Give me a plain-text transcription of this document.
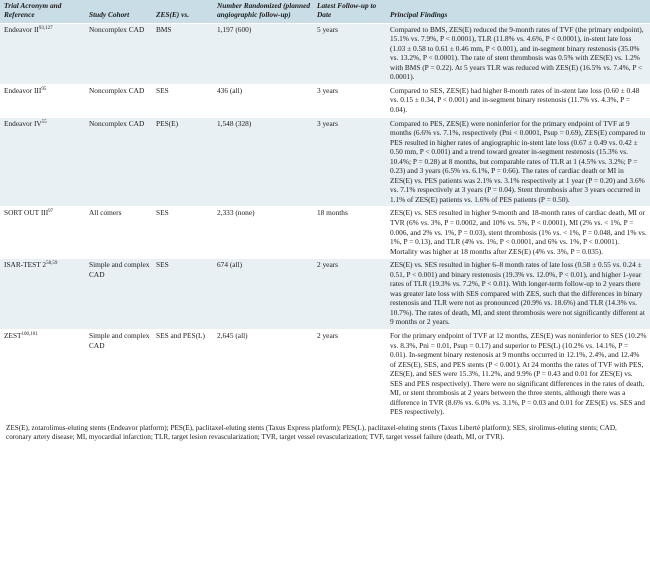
Trial Acronym and Reference	Study Cohort	ZES(E) vs.	Number Randomized (planned angiographic follow-up)	Latest Follow-up to Date	Principal Findings
Endeavor II$^{93,127}$	Noncomplex CAD	BMS	1,197 (600)	5 years	Compared to BMS, ZES(E) reduced the 9-month rates of TVF (the primary endpoint), 15.1% vs. 7.9%, P < 0.0001), TLR (11.8% vs. 4.6%, P < 0.0001), in-stent late loss (1.03 ± 0.58 to 0.61 ± 0.46 mm, P < 0.001), and in-segment binary restenosis (35.0% vs. 13.2%, P < 0.0001). The rate of stent thrombosis was 0.5% with ZES(E) vs. 1.2% with BMS (P = 0.22). At 5 years TLR was reduced with ZES(E) (16.5% vs. 7.4%, P < 0.0001).
Endeavor III$^{95}$	Noncomplex CAD	SES	436 (all)	3 years	Compared to SES, ZES(E) had higher 8-month rates of in-stent late loss (0.60 ± 0.48 vs. 0.15 ± 0.34, P < 0.001) and in-segment binary restenosis (11.7% vs. 4.3%, P = 0.04).
Endeavor IV$^{55}$	Noncomplex CAD	PES(E)	1,548 (328)	3 years	Compared to PES, ZES(E) were noninferior for the primary endpoint of TVF at 9 months (6.6% vs. 7.1%, respectively (Pni < 0.0001, Psup = 0.69), ZES(E) compared to PES resulted in higher rates of angiographic in-stent late loss (0.67 ± 0.49 vs. 0.42 ± 0.50 mm, P < 0.001) and a trend toward greater in-segment restenosis (15.3% vs. 10.4%; P = 0.28) at 8 months, but comparable rates of TLR at 1 (4.5% vs. 3.2%; P = 0.23) and 3 years (6.5% vs. 6.1%, P = 0.66). The rates of cardiac death or MI in ZES(E) vs. PES patients was 2.1% vs. 3.1% respectively at 1 year (P = 0.20) and 3.6% vs. 7.1% respectively at 3 years (P = 0.04). Stent thrombosis after 3 years occurred in 1.1% of ZES(E) patients vs. 1.6% of PES patients (P = 0.50).
SORT OUT III$^{97}$	All comers	SES	2,333 (none)	18 months	ZES(E) vs. SES resulted in higher 9-month and 18-month rates of cardiac death, MI or TVR (6% vs. 3%, P = 0.0002, and 10% vs. 5%, P < 0.0001), MI (2% vs. < 1%, P = 0.006, and 2% vs. 1%, P = 0.03), stent thrombosis (1% vs. < 1%, P = 0.048, and 1% vs. 1%, P = 0.13), and TLR (4% vs. 1%, P < 0.0001, and 6% vs. 1%, P < 0.0001). Mortality was higher at 18 months after ZES(E) (4% vs. 3%, P = 0.035).
ISAR-TEST 2$^{58,59}$	Simple and complex CAD	SES	674 (all)	2 years	ZES(E) vs. SES resulted in higher 6–8 month rates of late loss (0.58 ± 0.55 vs. 0.24 ± 0.51, P < 0.001) and binary restenosis (19.3% vs. 12.0%, P < 0.01), and higher 1-year rates of TLR (19.3% vs. 7.2%, P < 0.01). With longer-term follow-up to 2 years there was greater late loss with SES compared with ZES, such that the differences in binary restenosis and TLR were not as pronounced (20.9% vs. 18.6%) and TLR (14.3% vs. 10.7%). The rates of death, MI, and stent thrombosis were not significantly different at 9 months or 2 years.
ZEST$^{100,101}$	Simple and complex CAD	SES and PES(L)	2,645 (all)	2 years	For the primary endpoint of TVF at 12 months, ZES(E) was noninferior to SES (10.2% vs. 8.3%, Pni = 0.01, Psup = 0.17) and superior to PES(L) (10.2% vs. 14.1%, P = 0.01). In-segment binary restenosis at 9 months occurred in 12.1%, 2.4%, and 12.4% of ZES(E), SES, and PES stents (P < 0.001). At 24 months the rates of TVF with PES, ZES(E), and SES were 15.3%, 11.2%, and 9.9% (P = 0.43 and 0.01 for ZES(E) vs. SES and PES respectively). There were no significant differences in the rates of death, MI, or stent thrombosis at 2 years between the three stents, although there was a difference in TVR (8.6% vs. 6.0% vs. 3.1%, P = 0.03 and 0.01 for ZES(E) vs. SES and PES respectively).

ZES(E), zotarolimus-eluting stents (Endeavor platform); PES(E), paclitaxel-eluting stents (Taxus Express platform); PES(L), paclitaxel-eluting stents (Taxus Liberté platform); SES, sirolimus-eluting stents; CAD, coronary artery disease; MI, myocardial infarction; TLR, target lesion revascularization; TVR, target vessel revascularization; TVF, target vessel failure (death, MI, or TVR).
